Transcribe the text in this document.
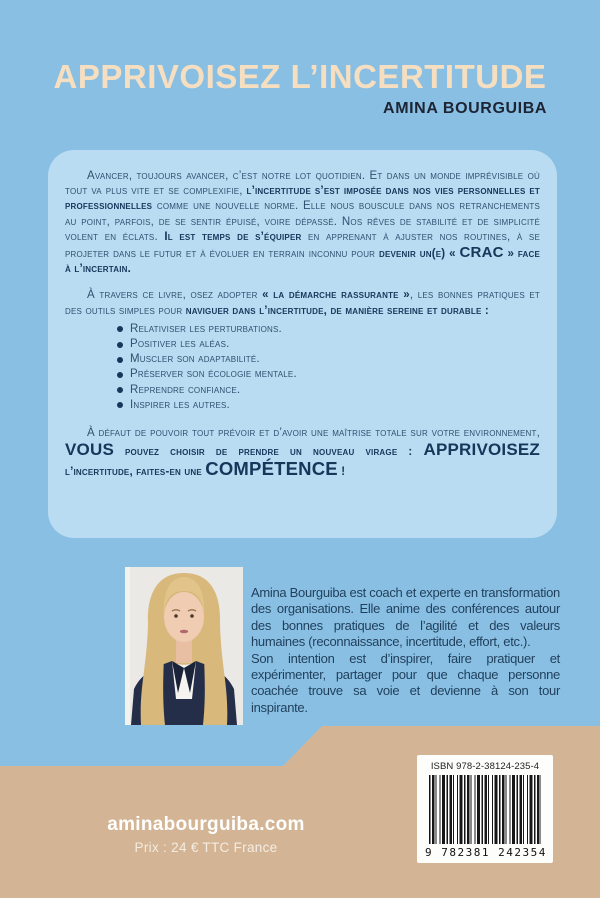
APPRIVOISEZ L’INCERTITUDE
AMINA BOURGUIBA

Avancer, toujours avancer, c’est notre lot quotidien. Et dans un monde imprévisible où tout va plus vite et se complexifie, l’incertitude s’est imposée dans nos vies personnelles et professionnelles comme une nouvelle norme. Elle nous bouscule dans nos retranchements au point, parfois, de se sentir épuisé, voire dépassé. Nos rêves de stabilité et de simplicité volent en éclats. Il est temps de s’équiper en apprenant à ajuster nos routines, à se projeter dans le futur et à évoluer en terrain inconnu pour devenir un(e) « CRAC » face à l’incertain.

À travers ce livre, osez adopter « la démarche rassurante », les bonnes pratiques et des outils simples pour naviguer dans l’incertitude, de manière sereine et durable :

Relativiser les perturbations.
Positiver les aléas.
Muscler son adaptabilité.
Préserver son écologie mentale.
Reprendre confiance.
Inspirer les autres.

À défaut de pouvoir tout prévoir et d’avoir une maîtrise totale sur votre environnement, VOUS pouvez choisir de prendre un nouveau virage : APPRIVOISEZ l’incertitude, faites-en une COMPÉTENCE !

Amina Bourguiba est coach et experte en transformation des organisations. Elle anime des conférences autour des bonnes pratiques de l’agilité et des valeurs humaines (reconnaissance, incertitude, effort, etc.).

Son intention est d’inspirer, faire pratiquer et expérimenter, partager pour que chaque personne coachée trouve sa voie et devienne à son tour inspirante.

aminabourguiba.com

Prix : 24 € TTC France

ISBN 978-2-38124-235-4
9 782381 242354
